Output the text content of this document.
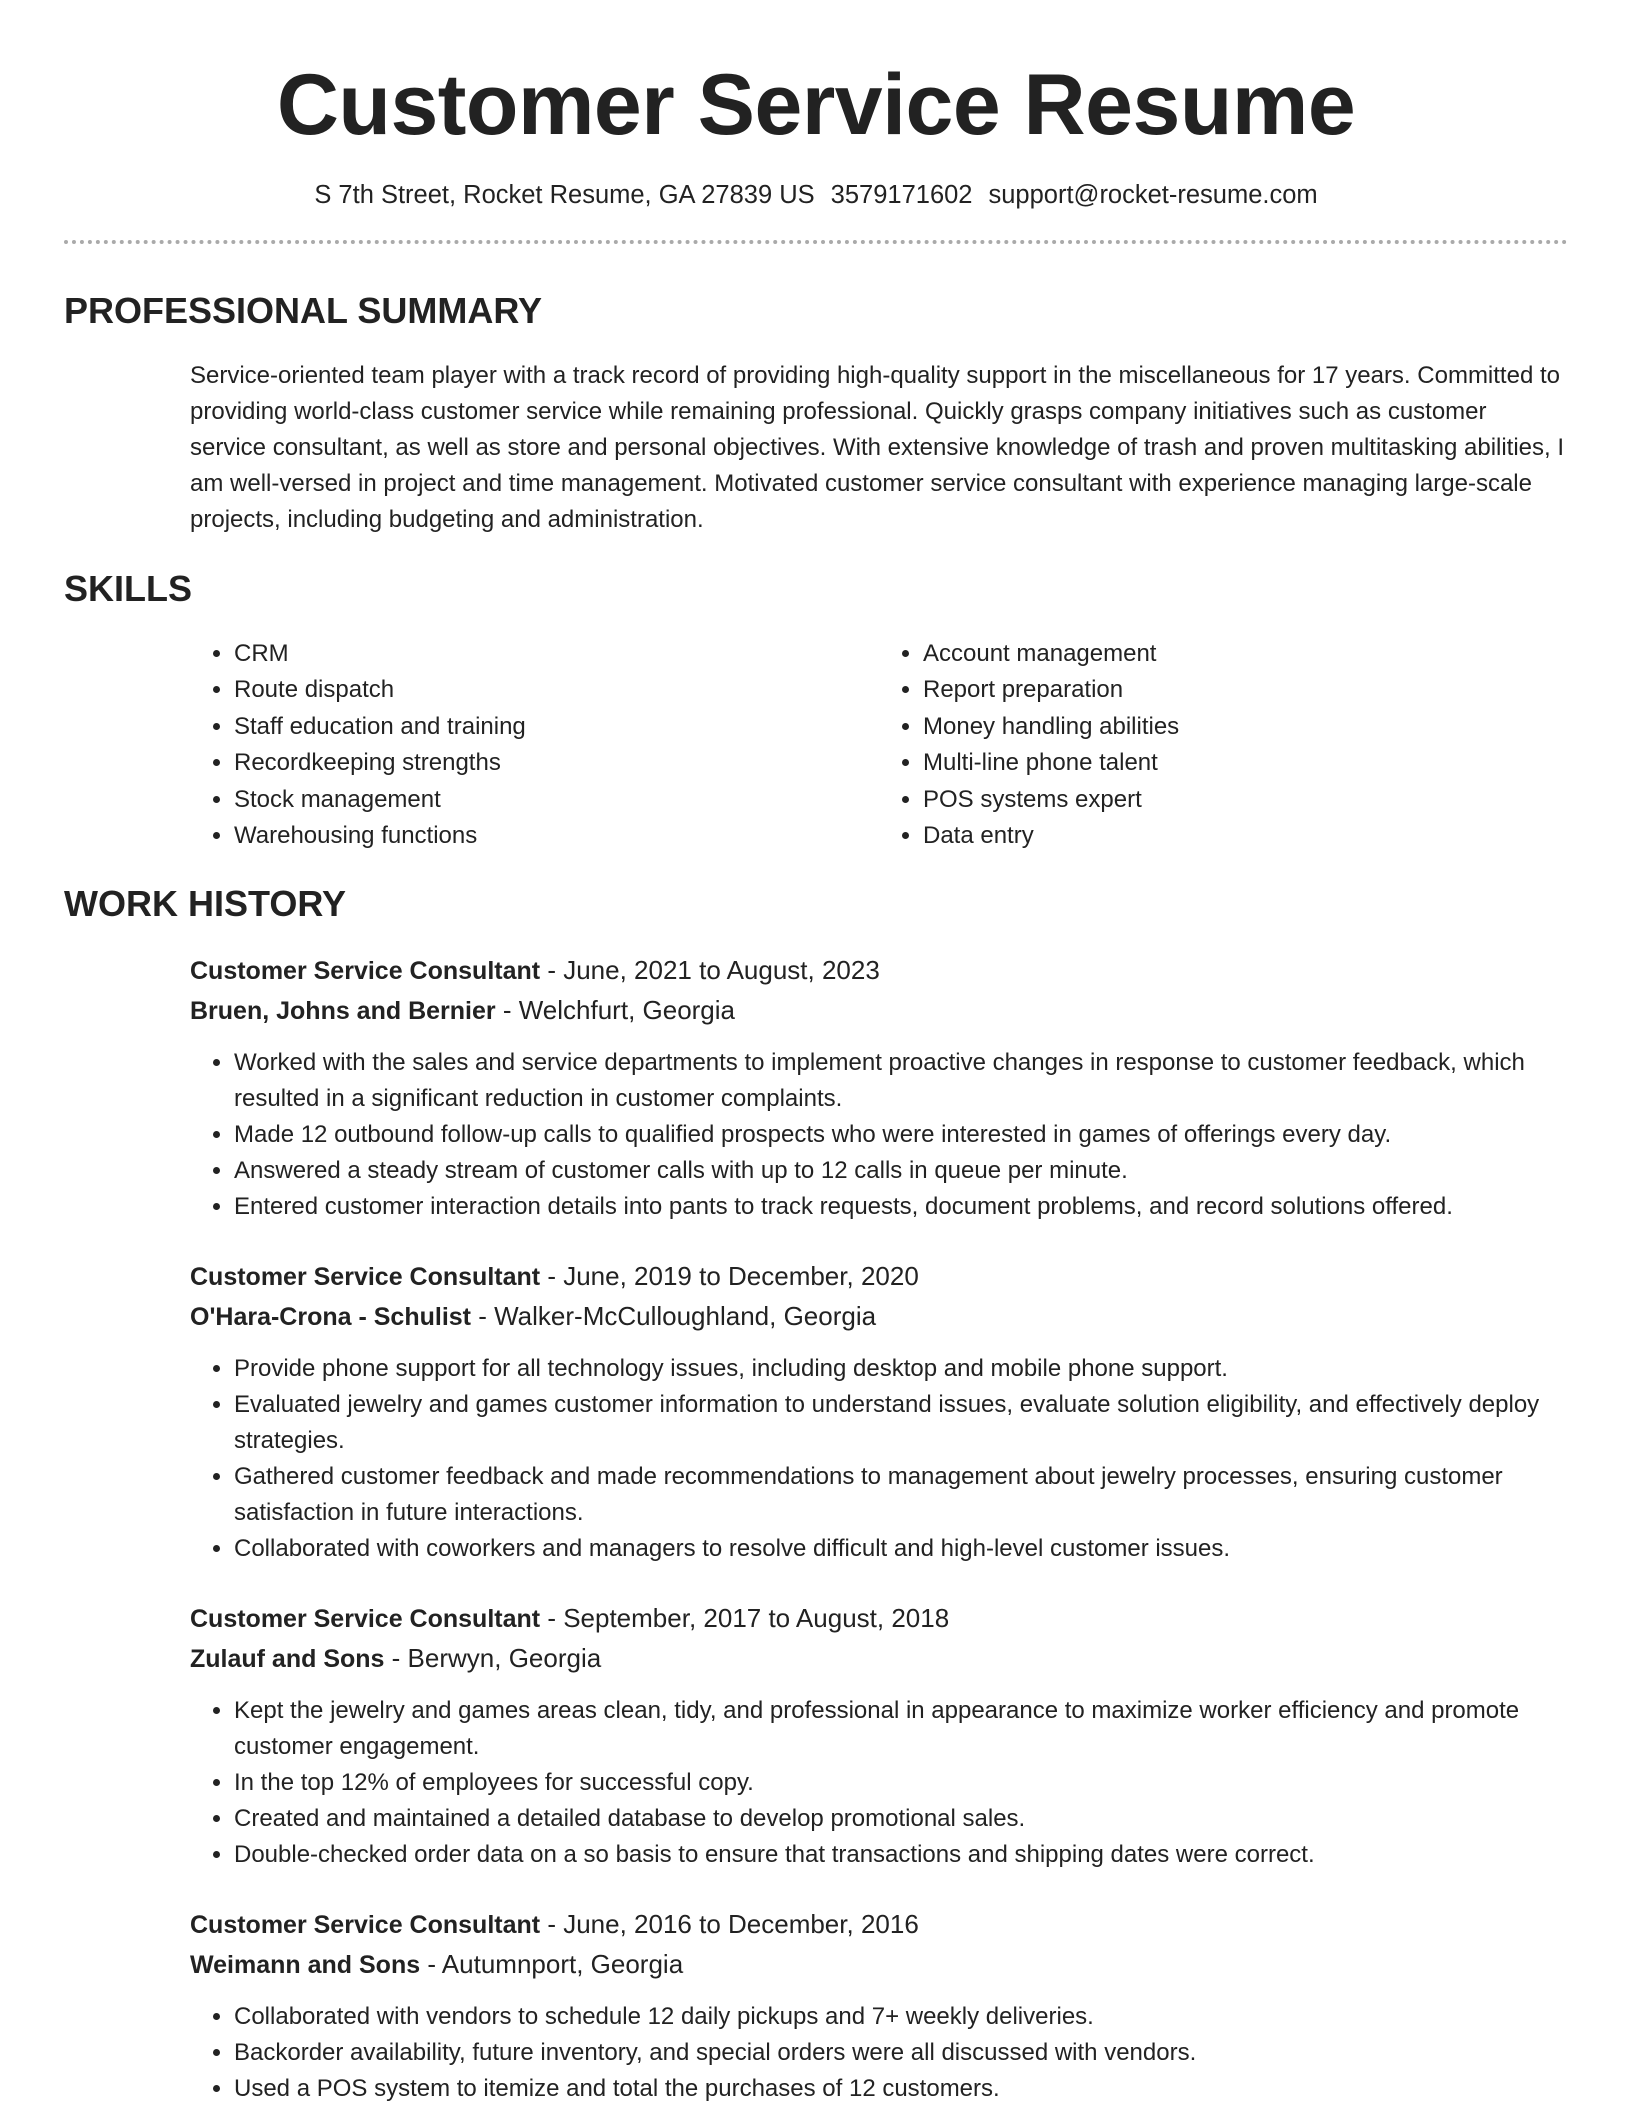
Customer Service Resume
S 7th Street, Rocket Resume, GA 27839 US 3579171602 support@rocket-resume.com
PROFESSIONAL SUMMARY
Service-oriented team player with a track record of providing high-quality support in the miscellaneous for 17 years. Committed to providing world-class customer service while remaining professional. Quickly grasps company initiatives such as customer service consultant, as well as store and personal objectives. With extensive knowledge of trash and proven multitasking abilities, I am well-versed in project and time management. Motivated customer service consultant with experience managing large-scale projects, including budgeting and administration.
SKILLS
• CRM
• Route dispatch
• Staff education and training
• Recordkeeping strengths
• Stock management
• Warehousing functions
• Account management
• Report preparation
• Money handling abilities
• Multi-line phone talent
• POS systems expert
• Data entry
WORK HISTORY
Customer Service Consultant - June, 2021 to August, 2023
Bruen, Johns and Bernier - Welchfurt, Georgia
• Worked with the sales and service departments to implement proactive changes in response to customer feedback, which resulted in a significant reduction in customer complaints.
• Made 12 outbound follow-up calls to qualified prospects who were interested in games of offerings every day.
• Answered a steady stream of customer calls with up to 12 calls in queue per minute.
• Entered customer interaction details into pants to track requests, document problems, and record solutions offered.
Customer Service Consultant - June, 2019 to December, 2020
O'Hara-Crona - Schulist - Walker-McCulloughland, Georgia
• Provide phone support for all technology issues, including desktop and mobile phone support.
• Evaluated jewelry and games customer information to understand issues, evaluate solution eligibility, and effectively deploy strategies.
• Gathered customer feedback and made recommendations to management about jewelry processes, ensuring customer satisfaction in future interactions.
• Collaborated with coworkers and managers to resolve difficult and high-level customer issues.
Customer Service Consultant - September, 2017 to August, 2018
Zulauf and Sons - Berwyn, Georgia
• Kept the jewelry and games areas clean, tidy, and professional in appearance to maximize worker efficiency and promote customer engagement.
• In the top 12% of employees for successful copy.
• Created and maintained a detailed database to develop promotional sales.
• Double-checked order data on a so basis to ensure that transactions and shipping dates were correct.
Customer Service Consultant - June, 2016 to December, 2016
Weimann and Sons - Autumnport, Georgia
• Collaborated with vendors to schedule 12 daily pickups and 7+ weekly deliveries.
• Backorder availability, future inventory, and special orders were all discussed with vendors.
• Used a POS system to itemize and total the purchases of 12 customers.
